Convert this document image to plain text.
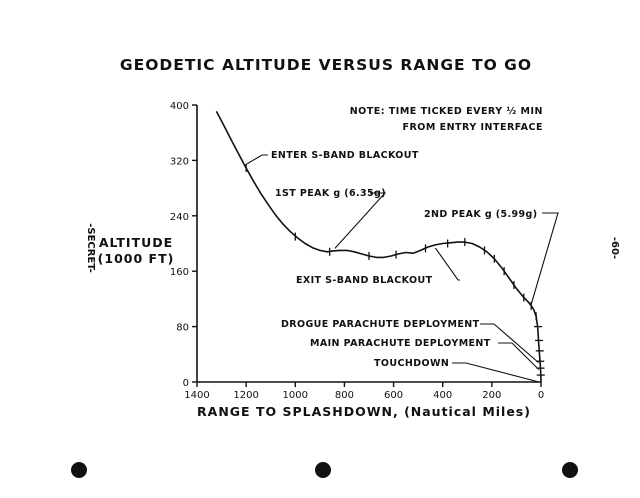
GEODETIC ALTITUDE VERSUS RANGE TO GO
NOTE: TIME TICKED EVERY ½ MIN
FROM ENTRY INTERFACE
ALTITUDE
(1000 FT)
RANGE TO SPLASHDOWN, (Nautical Miles)
-SECRET-	-60-
400
320
240
160
80
0
1400 1200 1000	800	600	400	200	0
ENTER S-BAND BLACKOUT
1ST PEAK g (6.35g)
2ND PEAK g (5.99g)
EXIT S-BAND BLACKOUT
DROGUE PARACHUTE DEPLOYMENT
MAIN PARACHUTE DEPLOYMENT
TOUCHDOWN
